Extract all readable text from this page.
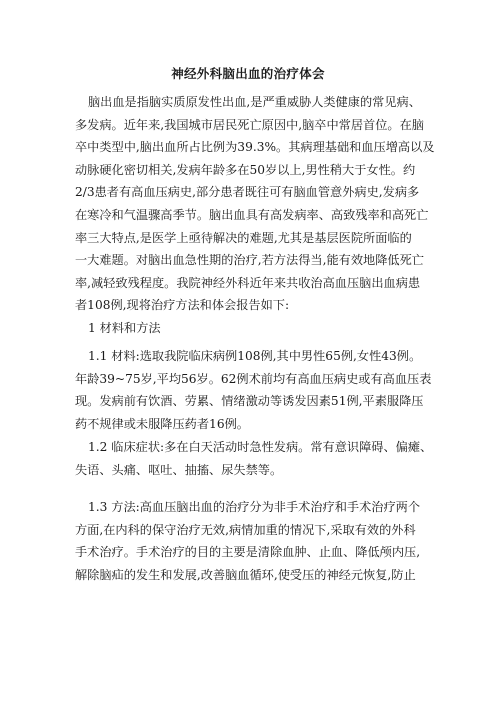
神经外科脑出血的治疗体会
脑出血是指脑实质原发性出血,是严重威胁人类健康的常见病、
多发病。近年来,我国城市居民死亡原因中,脑卒中常居首位。在脑
卒中类型中,脑出血所占比例为39.3%。其病理基础和血压增高以及
动脉硬化密切相关,发病年龄多在50岁以上,男性稍大于女性。约
2/3患者有高血压病史,部分患者既往可有脑血管意外病史,发病多
在寒冷和气温骤高季节。脑出血具有高发病率、高致残率和高死亡
率三大特点,是医学上亟待解决的难题,尤其是基层医院所面临的
一大难题。对脑出血急性期的治疗,若方法得当,能有效地降低死亡
率,减轻致残程度。我院神经外科近年来共收治高血压脑出血病患
者108例,现将治疗方法和体会报告如下:
1 材料和方法
1.1 材料:选取我院临床病例108例,其中男性65例,女性43例。
年龄39~75岁,平均56岁。62例术前均有高血压病史或有高血压表
现。发病前有饮酒、劳累、情绪激动等诱发因素51例,平素服降压
药不规律或未服降压药者16例。
1.2 临床症状:多在白天活动时急性发病。常有意识障碍、偏瘫、
失语、头痛、呕吐、抽搐、尿失禁等。
1.3 方法:高血压脑出血的治疗分为非手术治疗和手术治疗两个
方面,在内科的保守治疗无效,病情加重的情况下,采取有效的外科
手术治疗。手术治疗的目的主要是清除血肿、止血、降低颅内压,
解除脑疝的发生和发展,改善脑血循环,使受压的神经元恢复,防止
